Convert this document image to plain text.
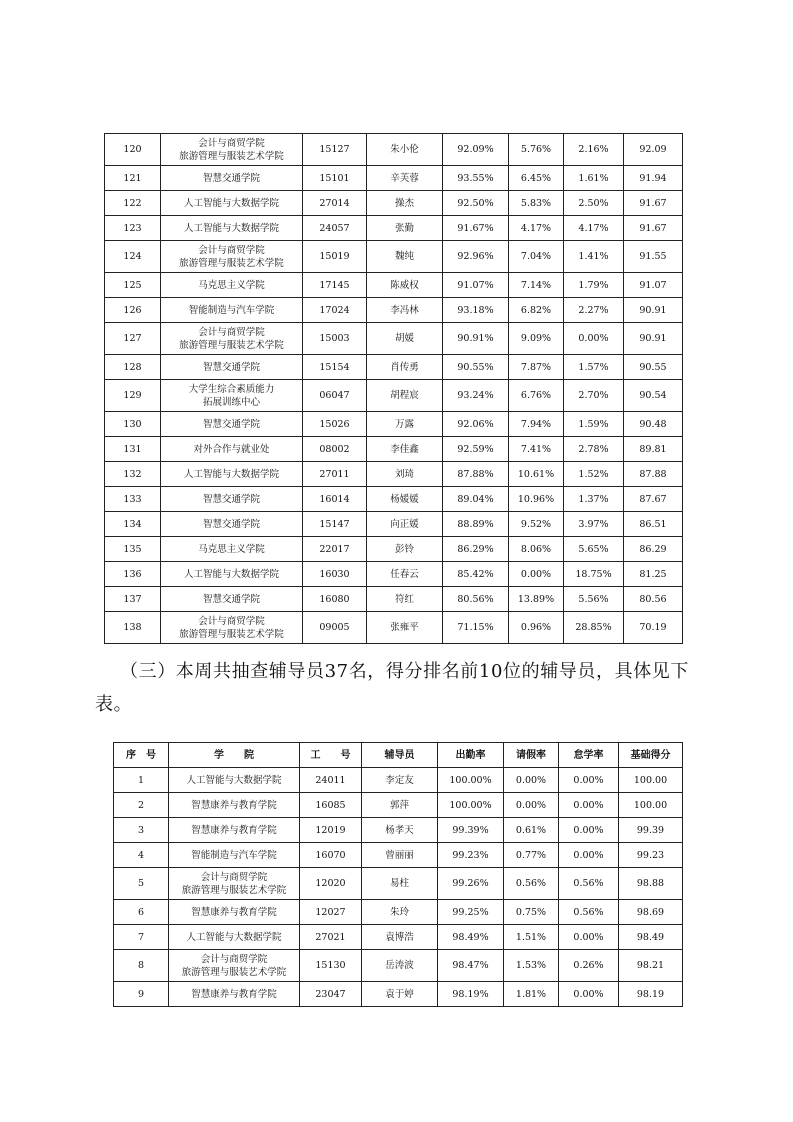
120	会计与商贸学院
旅游管理与服装艺术学院	15127	朱小伦	92.09%	5.76%	2.16%	92.09
121	智慧交通学院	15101	辛芙蓉	93.55%	6.45%	1.61%	91.94
122	人工智能与大数据学院	27014	操杰	92.50%	5.83%	2.50%	91.67
123	人工智能与大数据学院	24057	张勤	91.67%	4.17%	4.17%	91.67
124	会计与商贸学院
旅游管理与服装艺术学院	15019	魏纯	92.96%	7.04%	1.41%	91.55
125	马克思主义学院	17145	陈威权	91.07%	7.14%	1.79%	91.07
126	智能制造与汽车学院	17024	李冯林	93.18%	6.82%	2.27%	90.91
127	会计与商贸学院
旅游管理与服装艺术学院	15003	胡媛	90.91%	9.09%	0.00%	90.91
128	智慧交通学院	15154	肖传勇	90.55%	7.87%	1.57%	90.55
129	大学生综合素质能力
拓展训练中心	06047	胡程宸	93.24%	6.76%	2.70%	90.54
130	智慧交通学院	15026	万露	92.06%	7.94%	1.59%	90.48
131	对外合作与就业处	08002	李佳鑫	92.59%	7.41%	2.78%	89.81
132	人工智能与大数据学院	27011	刘琦	87.88%	10.61%	1.52%	87.88
133	智慧交通学院	16014	杨媛媛	89.04%	10.96%	1.37%	87.67
134	智慧交通学院	15147	向正媛	88.89%	9.52%	3.97%	86.51
135	马克思主义学院	22017	彭铃	86.29%	8.06%	5.65%	86.29
136	人工智能与大数据学院	16030	任春云	85.42%	0.00%	18.75%	81.25
137	智慧交通学院	16080	符红	80.56%	13.89%	5.56%	80.56
138	会计与商贸学院
旅游管理与服装艺术学院	09005	张雍平	71.15%	0.96%	28.85%	70.19

（三）本周共抽查辅导员37名，得分排名前10位的辅导员，具体见下表。

序　号	学　　院	工　　号	辅导员	出勤率	请假率	怠学率	基础得分
1	人工智能与大数据学院	24011	李定友	100.00%	0.00%	0.00%	100.00
2	智慧康养与教育学院	16085	郭萍	100.00%	0.00%	0.00%	100.00
3	智慧康养与教育学院	12019	杨孝天	99.39%	0.61%	0.00%	99.39
4	智能制造与汽车学院	16070	曾丽丽	99.23%	0.77%	0.00%	99.23
5	会计与商贸学院
旅游管理与服装艺术学院	12020	易柱	99.26%	0.56%	0.56%	98.88
6	智慧康养与教育学院	12027	朱玲	99.25%	0.75%	0.56%	98.69
7	人工智能与大数据学院	27021	袁博浩	98.49%	1.51%	0.00%	98.49
8	会计与商贸学院
旅游管理与服装艺术学院	15130	岳涛波	98.47%	1.53%	0.26%	98.21
9	智慧康养与教育学院	23047	袁于婷	98.19%	1.81%	0.00%	98.19
